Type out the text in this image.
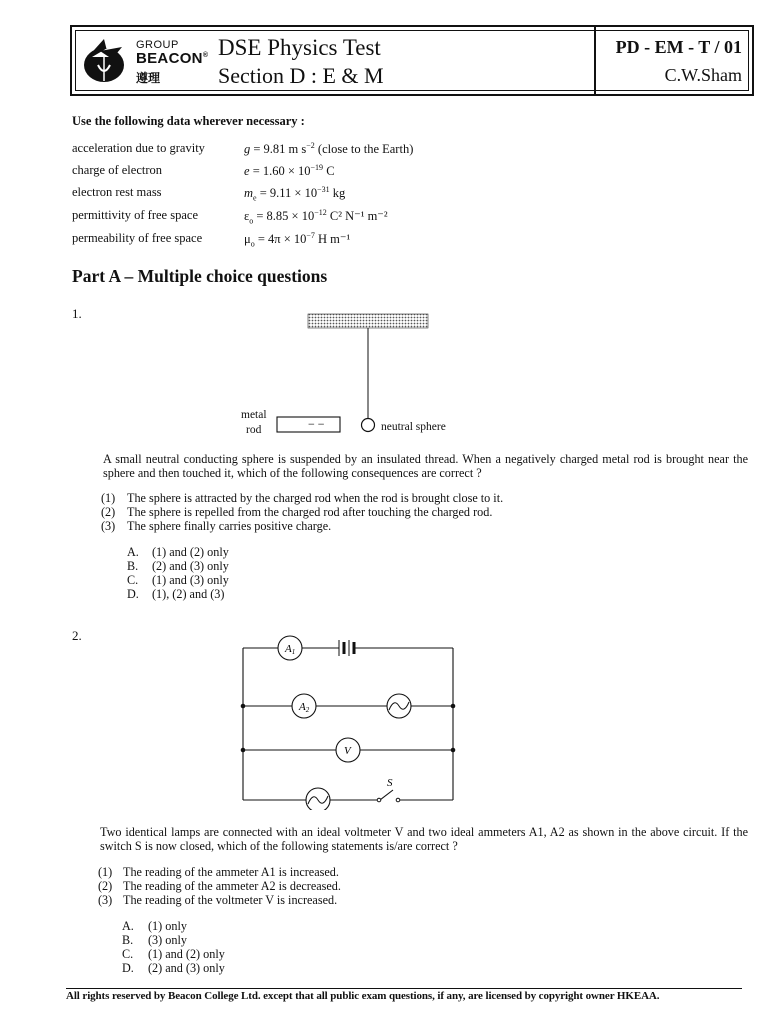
GROUP
BEACON®
遵理
DSE Physics Test
Section D : E & M
PD - EM - T / 01
C.W.Sham
Use the following data wherever necessary :
acceleration due to gravity	g = 9.81 m $s^{-2}$ (close to the Earth)
charge of electron	$e = 1.60 \times 10^{-19}$ C
electron rest mass	$m_e = 9.11 \times 10^{-31}$ kg
permittivity of free space	$\varepsilon_o = 8.85 \times 10^{-12}$ C² N⁻¹ m⁻²
permeability of free space	$\mu_o = 4\pi \times 10^{-7}$ H m⁻¹
Part A – Multiple choice questions
1.
− −
metal
rod	neutral sphere
A small neutral conducting sphere is suspended by an insulated thread. When a negatively charged metal rod is brought near the sphere and then touched it, which of the following consequences are correct ?
(1) The sphere is attracted by the charged rod when the rod is brought close to it.
(2) The sphere is repelled from the charged rod after touching the charged rod.
(3) The sphere finally carries positive charge.
A. (1) and (2) only
B. (2) and (3) only
C. (1) and (3) only
D. (1), (2) and (3)
2.
A1
A2
V
S
Two identical lamps are connected with an ideal voltmeter V and two ideal ammeters A1, A2 as shown in the above circuit. If the switch S is now closed, which of the following statements is/are correct ?
(1) The reading of the ammeter A1 is increased.
(2) The reading of the ammeter A2 is decreased.
(3) The reading of the voltmeter V is increased.
A. (1) only
B. (3) only
C. (1) and (2) only
D. (2) and (3) only
All rights reserved by Beacon College Ltd. except that all public exam questions, if any, are licensed by copyright owner HKEAA.
